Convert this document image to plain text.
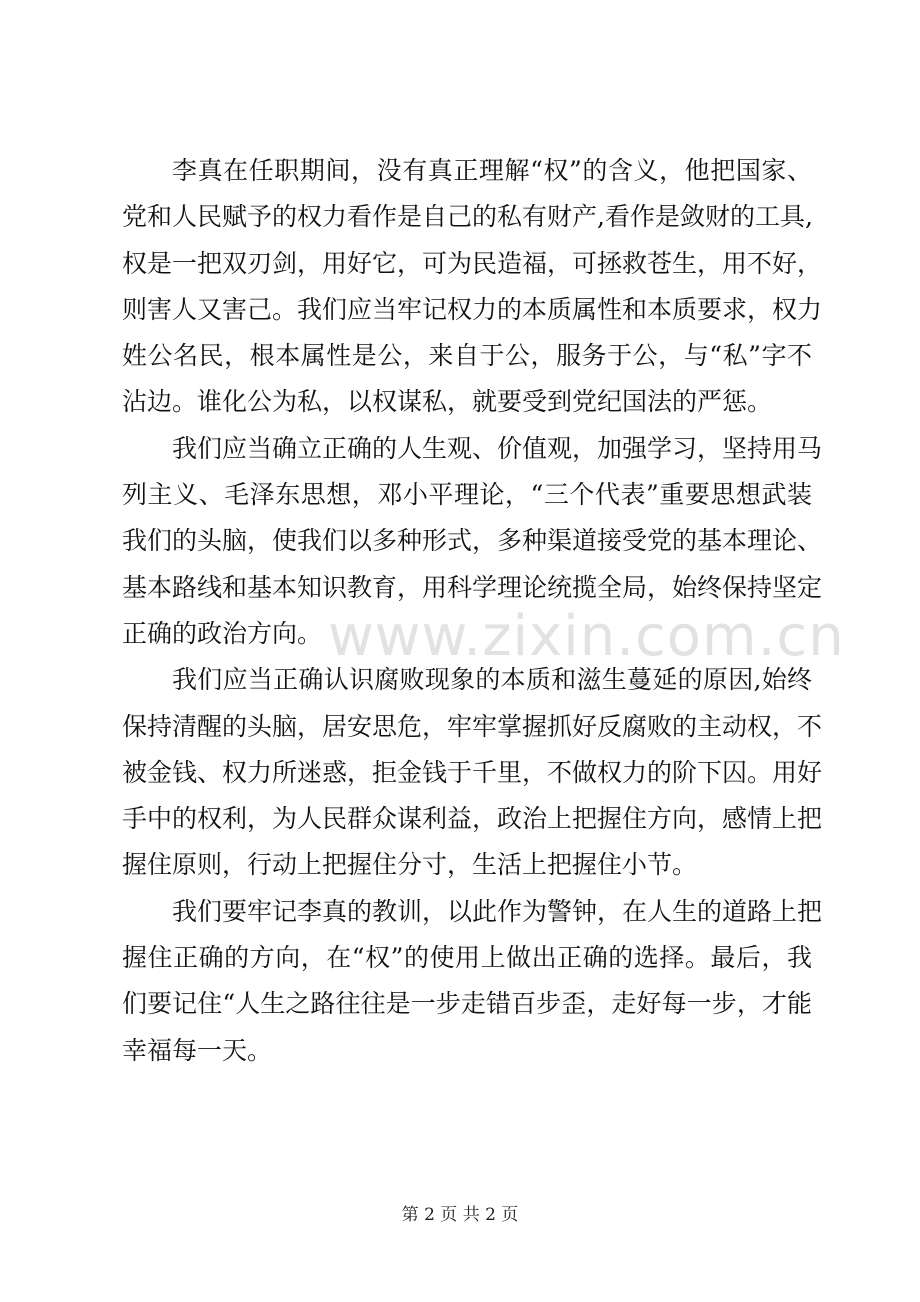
李真在任职期间，没有真正理解“权”的含义，他把国家、
党和人民赋予的权力看作是自己的私有财产,看作是敛财的工具,
权是一把双刃剑，用好它，可为民造福，可拯救苍生，用不好，
则害人又害己。我们应当牢记权力的本质属性和本质要求，权力
姓公名民，根本属性是公，来自于公，服务于公，与“私”字不
沾边。谁化公为私，以权谋私，就要受到党纪国法的严惩。
我们应当确立正确的人生观、价值观，加强学习，坚持用马
列主义、毛泽东思想，邓小平理论，“三个代表”重要思想武装
我们的头脑，使我们以多种形式，多种渠道接受党的基本理论、
基本路线和基本知识教育，用科学理论统揽全局，始终保持坚定
正确的政治方向。
我们应当正确认识腐败现象的本质和滋生蔓延的原因,始终
保持清醒的头脑，居安思危，牢牢掌握抓好反腐败的主动权，不
被金钱、权力所迷惑，拒金钱于千里，不做权力的阶下囚。用好
手中的权利，为人民群众谋利益，政治上把握住方向，感情上把
握住原则，行动上把握住分寸，生活上把握住小节。
我们要牢记李真的教训，以此作为警钟，在人生的道路上把
握住正确的方向，在“权”的使用上做出正确的选择。最后，我
们要记住“人生之路往往是一步走错百步歪，走好每一步，才能
幸福每一天。
www.zixin.com.cn
第 2 页 共 2 页
